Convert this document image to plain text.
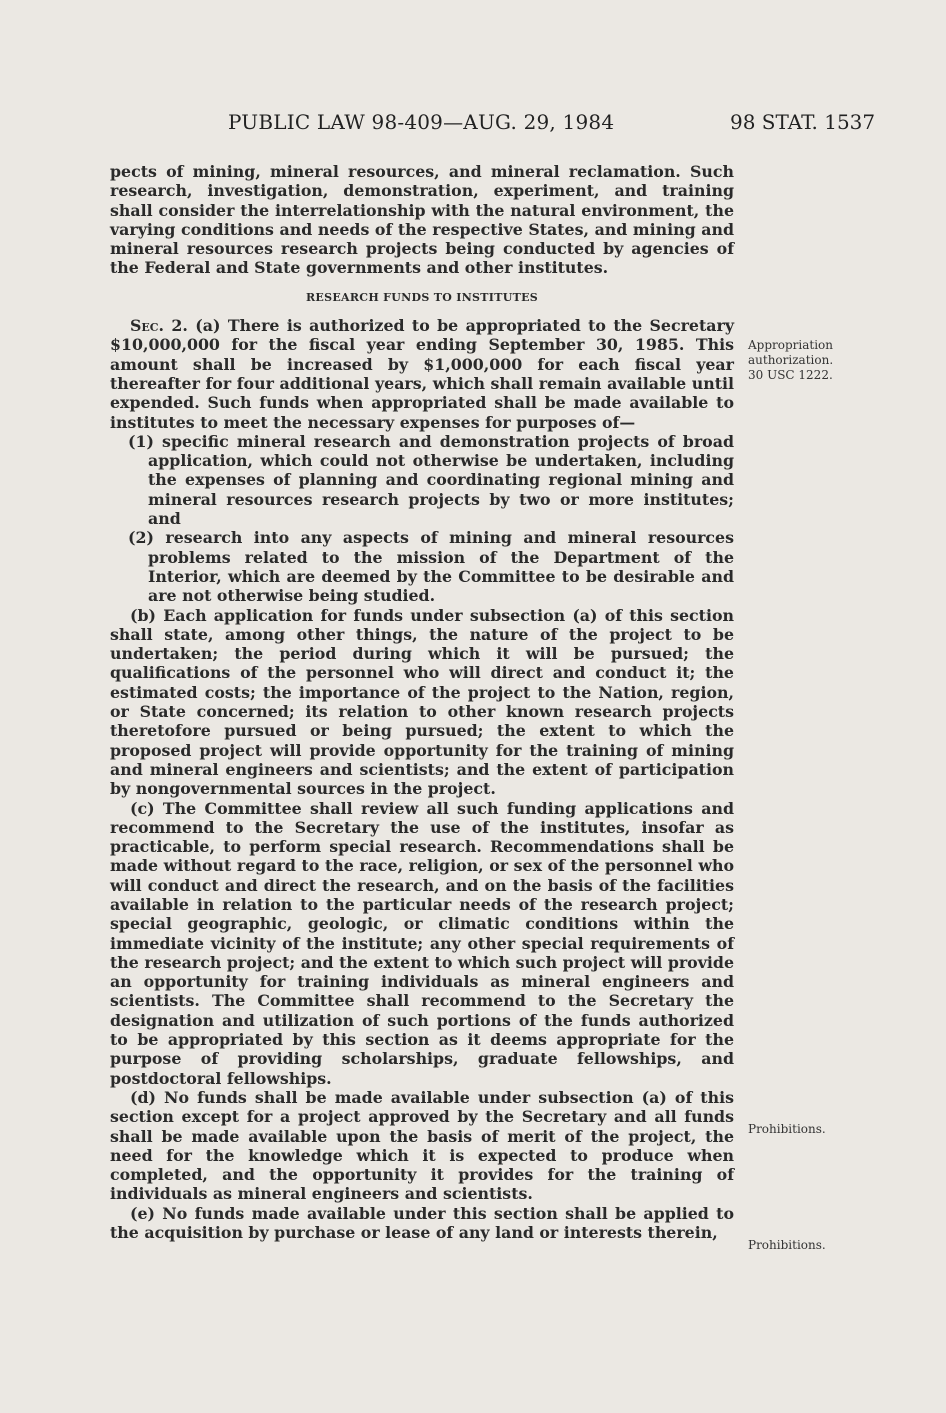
PUBLIC LAW 98-409—AUG. 29, 1984	98 STAT. 1537

pects of mining, mineral resources, and mineral reclamation. Such research, investigation, demonstration, experiment, and training shall consider the interrelationship with the natural environment, the varying conditions and needs of the respective States, and mining and mineral resources research projects being conducted by agencies of the Federal and State governments and other institutes.

RESEARCH FUNDS TO INSTITUTES

Sec. 2. (a) There is authorized to be appropriated to the Secretary $10,000,000 for the fiscal year ending September 30, 1985. This amount shall be increased by $1,000,000 for each fiscal year thereafter for four additional years, which shall remain available until expended. Such funds when appropriated shall be made available to institutes to meet the necessary expenses for purposes of—

(1) specific mineral research and demonstration projects of broad application, which could not otherwise be undertaken, including the expenses of planning and coordinating regional mining and mineral resources research projects by two or more institutes; and

(2) research into any aspects of mining and mineral resources problems related to the mission of the Department of the Interior, which are deemed by the Committee to be desirable and are not otherwise being studied.

(b) Each application for funds under subsection (a) of this section shall state, among other things, the nature of the project to be undertaken; the period during which it will be pursued; the qualifications of the personnel who will direct and conduct it; the estimated costs; the importance of the project to the Nation, region, or State concerned; its relation to other known research projects theretofore pursued or being pursued; the extent to which the proposed project will provide opportunity for the training of mining and mineral engineers and scientists; and the extent of participation by nongovernmental sources in the project.

(c) The Committee shall review all such funding applications and recommend to the Secretary the use of the institutes, insofar as practicable, to perform special research. Recommendations shall be made without regard to the race, religion, or sex of the personnel who will conduct and direct the research, and on the basis of the facilities available in relation to the particular needs of the research project; special geographic, geologic, or climatic conditions within the immediate vicinity of the institute; any other special requirements of the research project; and the extent to which such project will provide an opportunity for training individuals as mineral engineers and scientists. The Committee shall recommend to the Secretary the designation and utilization of such portions of the funds authorized to be appropriated by this section as it deems appropriate for the purpose of providing scholarships, graduate fellowships, and postdoctoral fellowships.

(d) No funds shall be made available under subsection (a) of this section except for a project approved by the Secretary and all funds shall be made available upon the basis of merit of the project, the need for the knowledge which it is expected to produce when completed, and the opportunity it provides for the training of individuals as mineral engineers and scientists.

(e) No funds made available under this section shall be applied to the acquisition by purchase or lease of any land or interests therein,

Appropriation
authorization.
30 USC 1222.
Prohibitions.
Prohibitions.
